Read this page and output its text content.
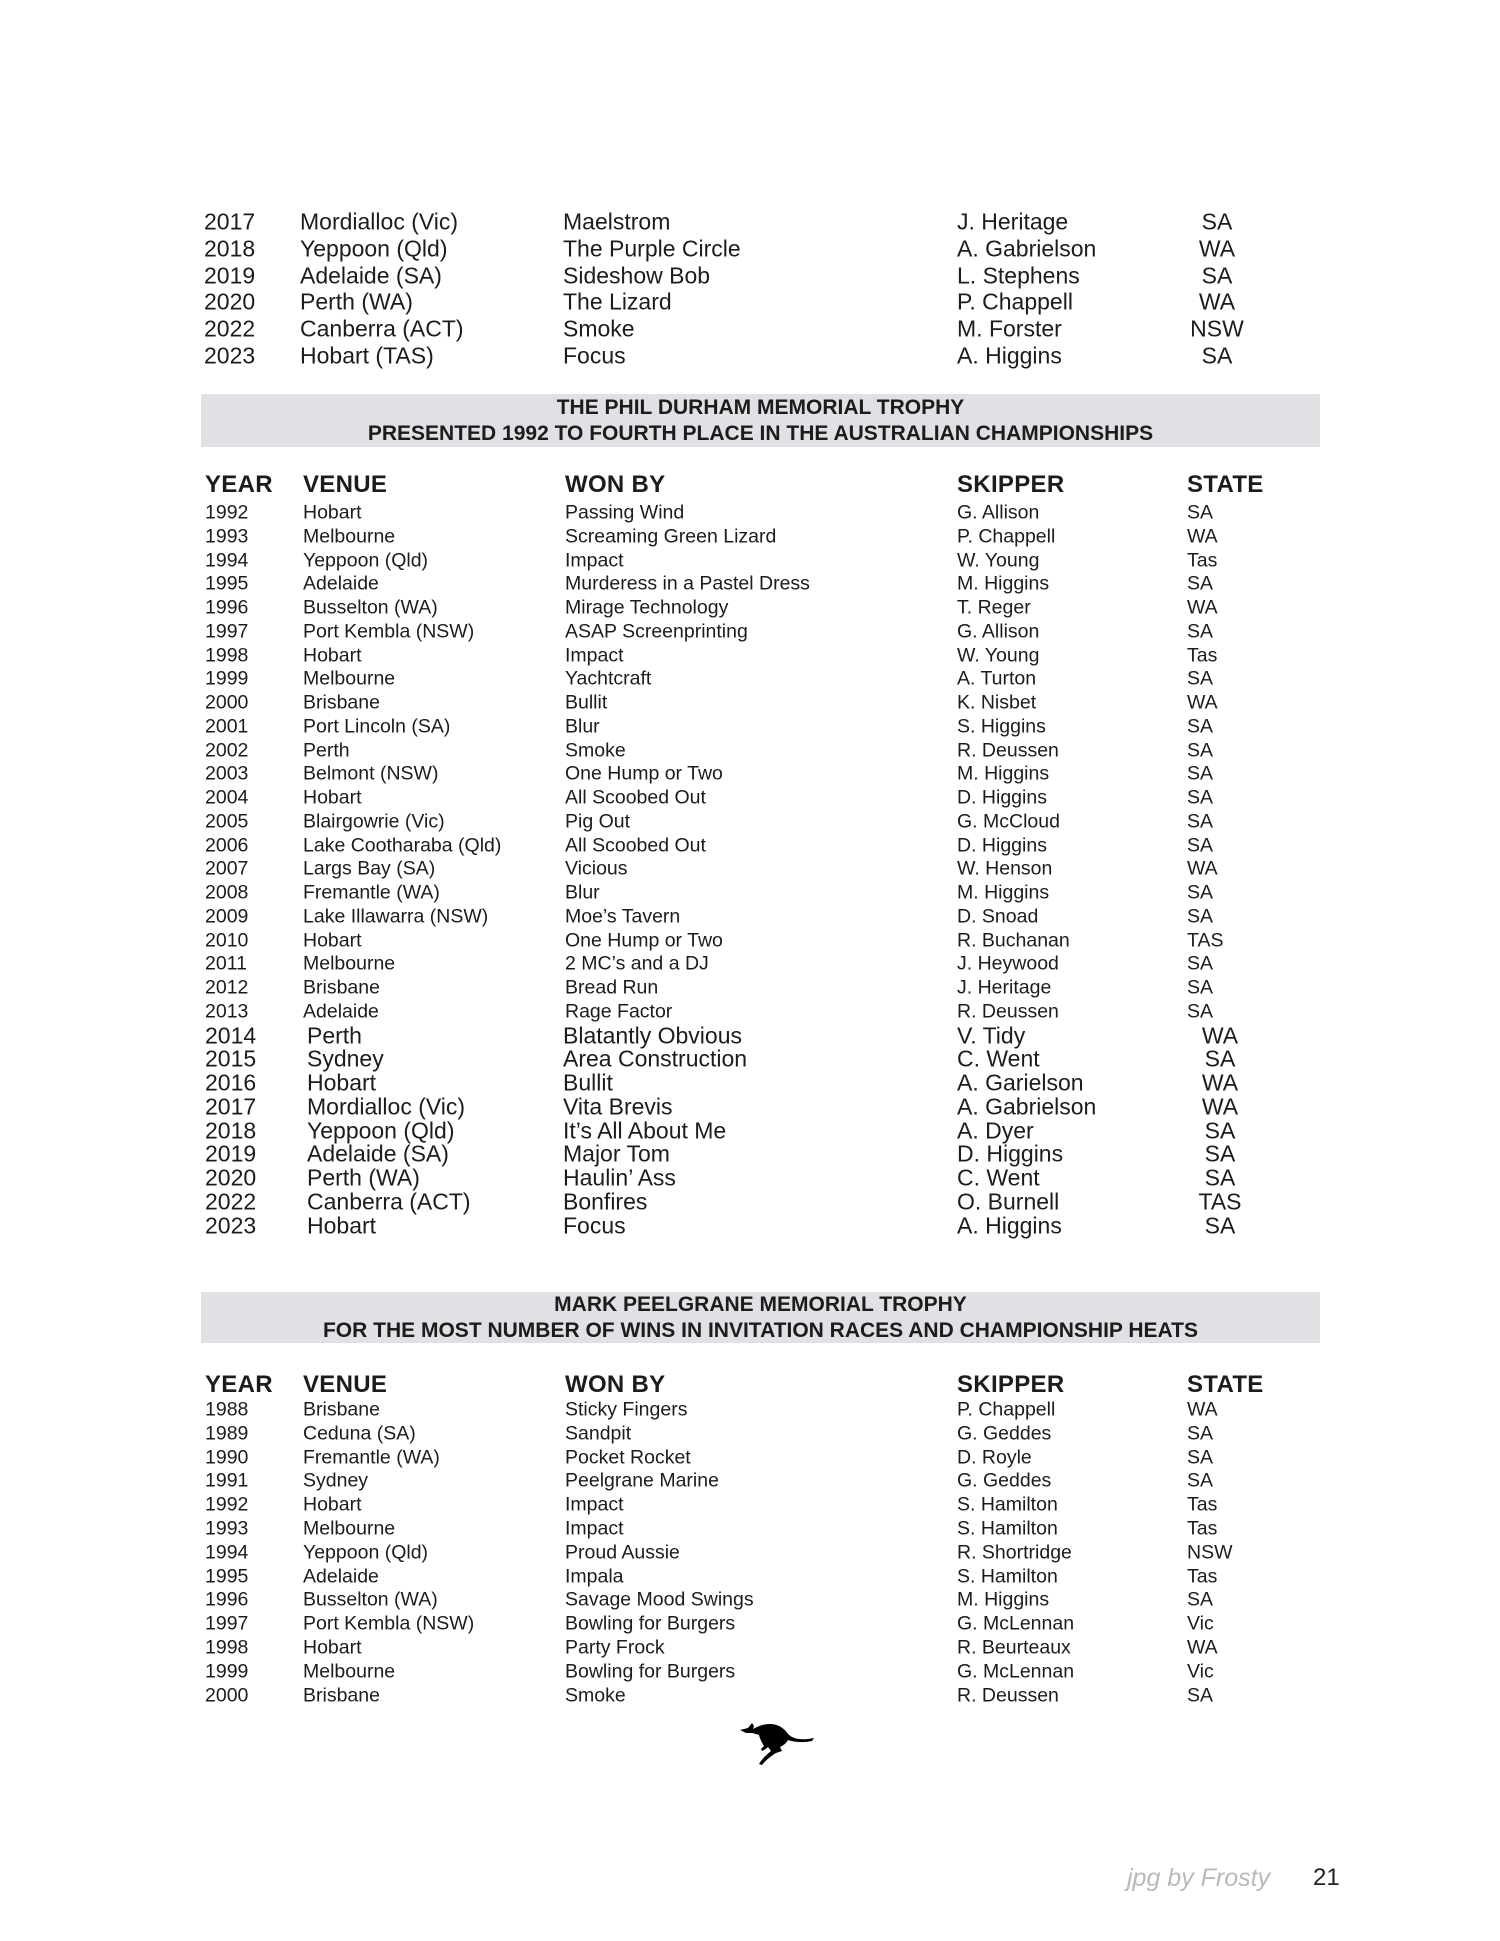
2017 Mordialloc (Vic)	Maelstrom	J. Heritage	SA
2018 Yeppoon (Qld)	The Purple Circle	A. Gabrielson	WA
2019 Adelaide (SA)	Sideshow Bob	L. Stephens	SA
2020 Perth (WA)	The Lizard	P. Chappell	WA
2022 Canberra (ACT)	Smoke	M. Forster	NSW
2023 Hobart (TAS)	Focus	A. Higgins	SA
THE PHIL DURHAM MEMORIAL TROPHY
PRESENTED 1992 TO FOURTH PLACE IN THE AUSTRALIAN CHAMPIONSHIPS
YEAR VENUE	WON BY	SKIPPER	STATE
1992	Hobart	Passing Wind	G. Allison	SA
1993	Melbourne	Screaming Green Lizard	P. Chappell	WA
1994	Yeppoon (Qld)	Impact	W. Young	Tas
1995	Adelaide	Murderess in a Pastel Dress	M. Higgins	SA
1996	Busselton (WA)	Mirage Technology	T. Reger	WA
1997	Port Kembla (NSW)	ASAP Screenprinting	G. Allison	SA
1998	Hobart	Impact	W. Young	Tas
1999	Melbourne	Yachtcraft	A. Turton	SA
2000	Brisbane	Bullit	K. Nisbet	WA
2001	Port Lincoln (SA)	Blur	S. Higgins	SA
2002	Perth	Smoke	R. Deussen	SA
2003	Belmont (NSW)	One Hump or Two	M. Higgins	SA
2004	Hobart	All Scoobed Out	D. Higgins	SA
2005	Blairgowrie (Vic)	Pig Out	G. McCloud	SA
2006	Lake Cootharaba (Qld)	All Scoobed Out	D. Higgins	SA
2007	Largs Bay (SA)	Vicious	W. Henson	WA
2008	Fremantle (WA)	Blur	M. Higgins	SA
2009	Lake Illawarra (NSW)	Moe’s Tavern	D. Snoad	SA
2010	Hobart	One Hump or Two	R. Buchanan	TAS
2011	Melbourne	2 MC’s and a DJ	J. Heywood	SA
2012	Brisbane	Bread Run	J. Heritage	SA
2013	Adelaide	Rage Factor	R. Deussen	SA
2014 Perth	Blatantly Obvious	V. Tidy	WA
2015 Sydney	Area Construction	C. Went	SA
2016 Hobart	Bullit	A. Garielson	WA
2017 Mordialloc (Vic)	Vita Brevis	A. Gabrielson	WA
2018 Yeppoon (Qld)	It’s All About Me	A. Dyer	SA
2019 Adelaide (SA)	Major Tom	D. Higgins	SA
2020 Perth (WA)	Haulin’ Ass	C. Went	SA
2022 Canberra (ACT)	Bonfires	O. Burnell	TAS
2023 Hobart	Focus	A. Higgins	SA
MARK PEELGRANE MEMORIAL TROPHY
FOR THE MOST NUMBER OF WINS IN INVITATION RACES AND CHAMPIONSHIP HEATS
YEAR VENUE	WON BY	SKIPPER	STATE
1988	Brisbane	Sticky Fingers	P. Chappell	WA
1989	Ceduna (SA)	Sandpit	G. Geddes	SA
1990	Fremantle (WA)	Pocket Rocket	D. Royle	SA
1991	Sydney	Peelgrane Marine	G. Geddes	SA
1992	Hobart	Impact	S. Hamilton	Tas
1993	Melbourne	Impact	S. Hamilton	Tas
1994	Yeppoon (Qld)	Proud Aussie	R. Shortridge	NSW
1995	Adelaide	Impala	S. Hamilton	Tas
1996	Busselton (WA)	Savage Mood Swings	M. Higgins	SA
1997	Port Kembla (NSW)	Bowling for Burgers	G. McLennan	Vic
1998	Hobart	Party Frock	R. Beurteaux	WA
1999	Melbourne	Bowling for Burgers	G. McLennan	Vic
2000	Brisbane	Smoke	R. Deussen	SA
jpg by Frosty 21
